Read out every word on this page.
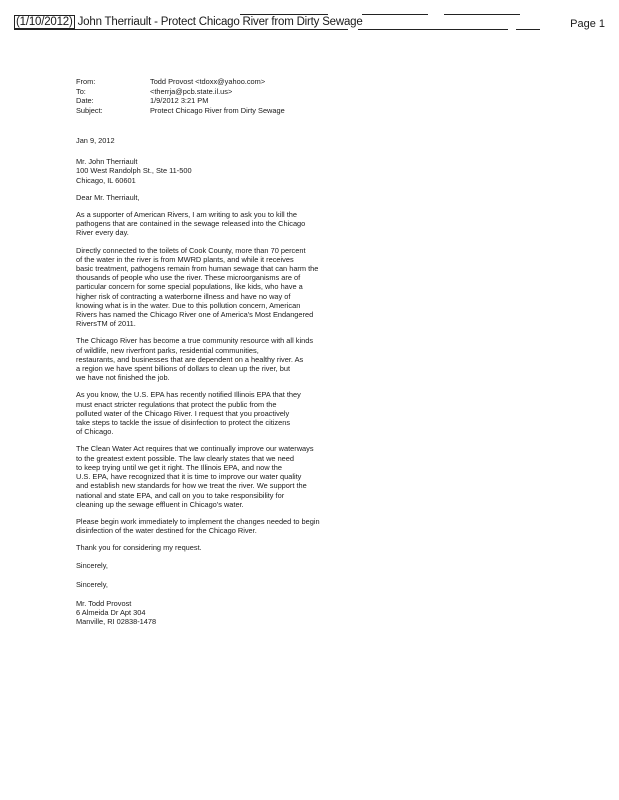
(1/10/2012) John Therriault - Protect Chicago River from Dirty Sewage	Page 1
From:	Todd Provost <tdoxx@yahoo.com>
To:	<therrja@pcb.state.il.us>
Date:	1/9/2012 3:21 PM
Subject:	Protect Chicago River from Dirty Sewage

Jan 9, 2012

Mr. John Therriault
100 West Randolph St., Ste 11-500
Chicago, IL 60601

Dear Mr. Therriault,

As a supporter of American Rivers, I am writing to ask you to kill the
pathogens that are contained in the sewage released into the Chicago
River every day.

Directly connected to the toilets of Cook County, more than 70 percent
of the water in the river is from MWRD plants, and while it receives
basic treatment, pathogens remain from human sewage that can harm the
thousands of people who use the river. These microorganisms are of
particular concern for some special populations, like kids, who have a
higher risk of contracting a waterborne illness and have no way of
knowing what is in the water. Due to this pollution concern, American
Rivers has named the Chicago River one of America's Most Endangered
RiversTM of 2011.

The Chicago River has become a true community resource with all kinds
of wildlife, new riverfront parks, residential communities,
restaurants, and businesses that are dependent on a healthy river. As
a region we have spent billions of dollars to clean up the river, but
we have not finished the job.

As you know, the U.S. EPA has recently notified Illinois EPA that they
must enact stricter regulations that protect the public from the
polluted water of the Chicago River. I request that you proactively
take steps to tackle the issue of disinfection to protect the citizens
of Chicago.

The Clean Water Act requires that we continually improve our waterways
to the greatest extent possible. The law clearly states that we need
to keep trying until we get it right. The Illinois EPA, and now the
U.S. EPA, have recognized that it is time to improve our water quality
and establish new standards for how we treat the river. We support the
national and state EPA, and call on you to take responsibility for
cleaning up the sewage effluent in Chicago's water.

Please begin work immediately to implement the changes needed to begin
disinfection of the water destined for the Chicago River.

Thank you for considering my request.

Sincerely,

Sincerely,

Mr. Todd Provost
6 Almeida Dr Apt 304
Manville, RI 02838-1478
